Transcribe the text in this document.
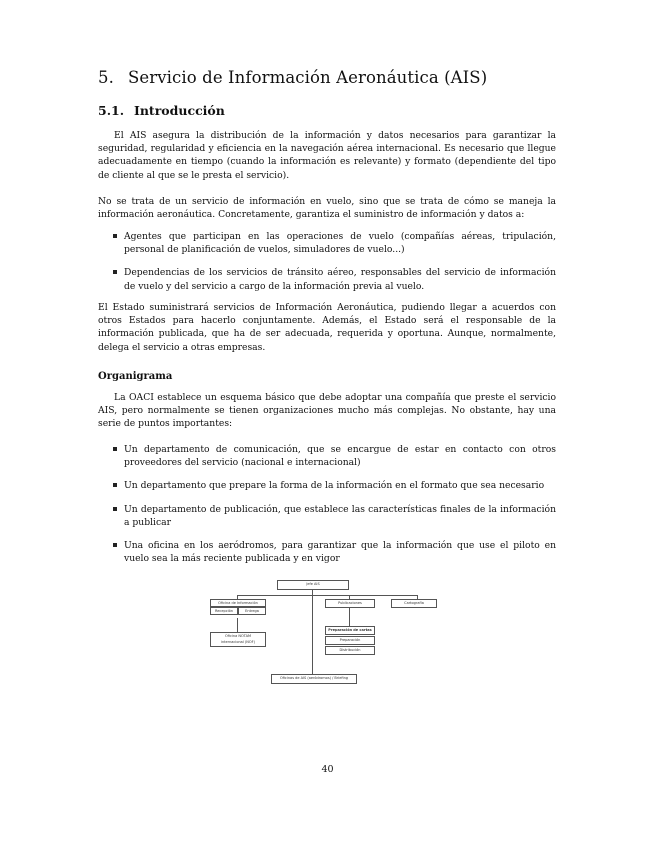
5. Servicio de Información Aeronáutica (AIS)
5.1. Introducción

El AIS asegura la distribución de la información y datos necesarios para garantizar la seguridad, regularidad y eficiencia en la navegación aérea internacional. Es necesario que llegue adecuadamente en tiempo (cuando la información es relevante) y formato (dependiente del tipo de cliente al que se le presta el servicio).

No se trata de un servicio de información en vuelo, sino que se trata de cómo se maneja la información aeronáutica. Concretamente, garantiza el suministro de información y datos a:

Agentes que participan en las operaciones de vuelo (compañías aéreas, tripulación, personal de planificación de vuelos, simuladores de vuelo...)
Dependencias de los servicios de tránsito aéreo, responsables del servicio de información de vuelo y del servicio a cargo de la información previa al vuelo.

El Estado suministrará servicios de Información Aeronáutica, pudiendo llegar a acuerdos con otros Estados para hacerlo conjuntamente. Además, el Estado será el responsable de la información publicada, que ha de ser adecuada, requerida y oportuna. Aunque, normalmente, delega el servicio a otras empresas.

Organigrama

La OACI establece un esquema básico que debe adoptar una compañía que preste el servicio AIS, pero normalmente se tienen organizaciones mucho más complejas. No obstante, hay una serie de puntos importantes:

Un departamento de comunicación, que se encargue de estar en contacto con otros proveedores del servicio (nacional e internacional)
Un departamento que prepare la forma de la información en el formato que sea necesario
Un departamento de publicación, que establece las características finales de la información a publicar
Una oficina en los aeródromos, para garantizar que la información que use el piloto en vuelo sea la más reciente publicada y en vigor
Jefe AIS
Oficina de Información
Recepción	Entrega
Oficina NOTAM
internacional (NOF)
Publicaciones	Cartografía
Preparación de cartas
Preparación
Distribución
Oficinas de AIS (aeródromos) / Briefing
40
